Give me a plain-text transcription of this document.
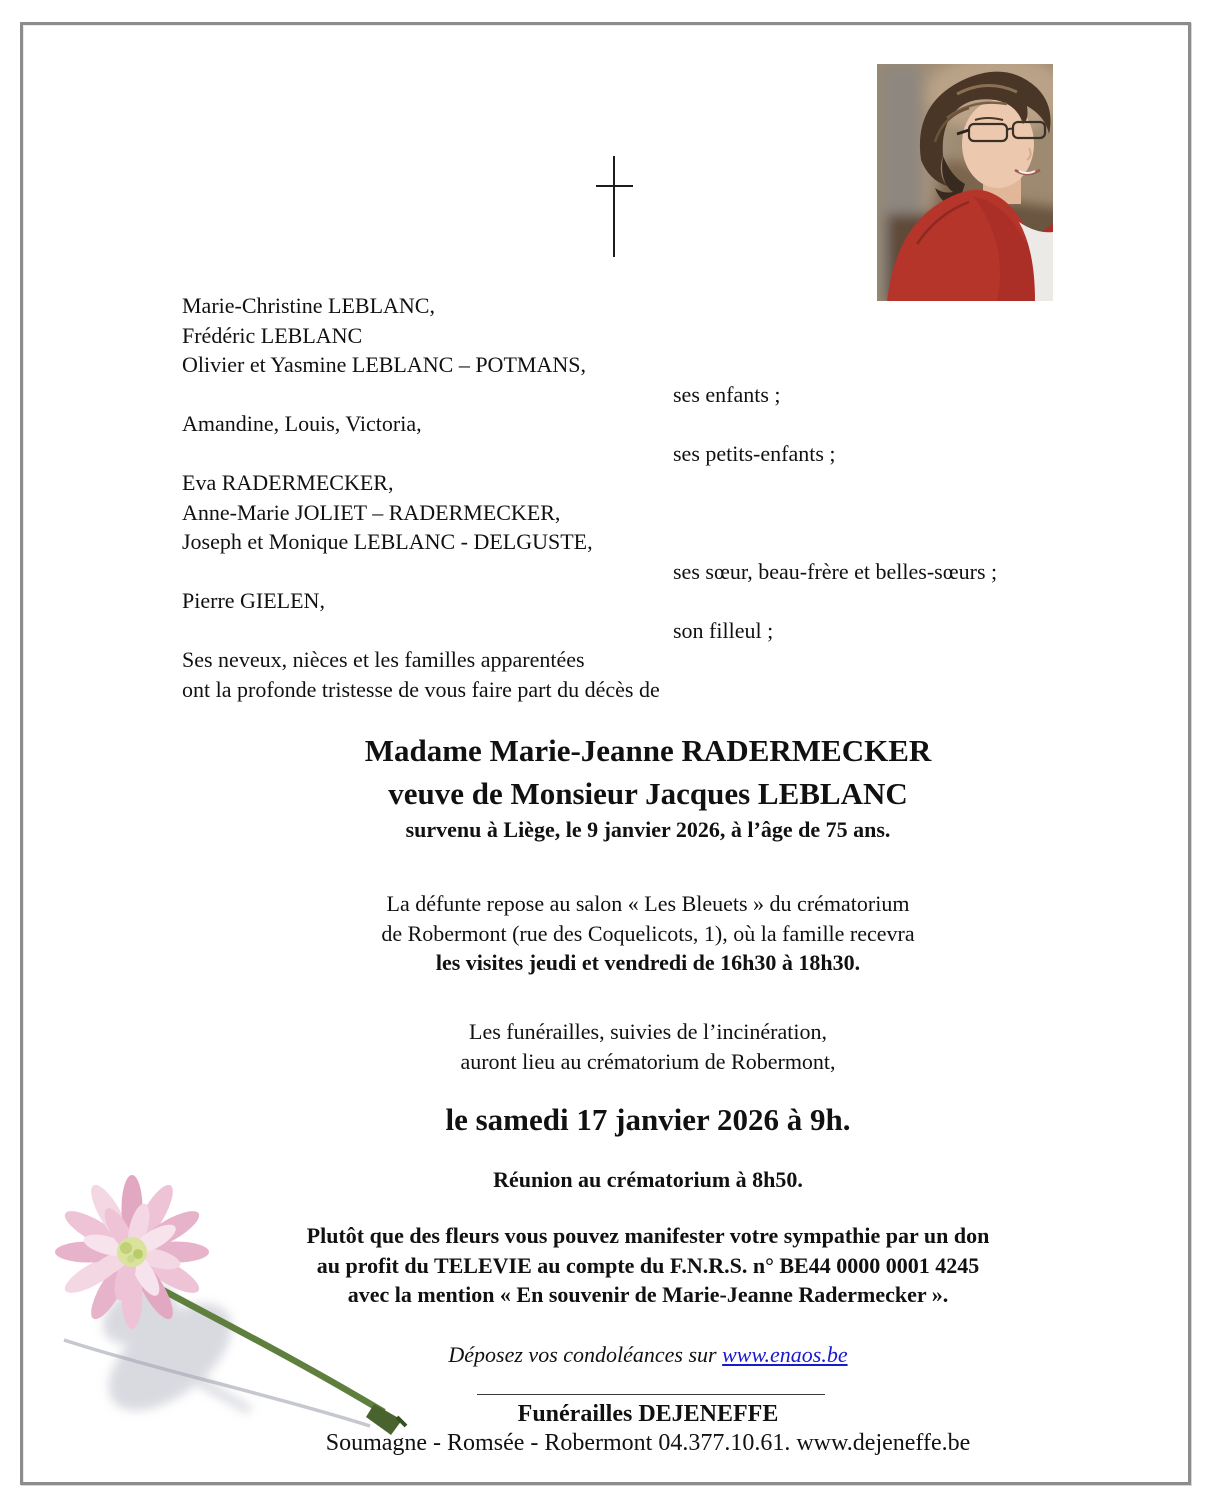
Marie-Christine LEBLANC,
Frédéric LEBLANC
Olivier et Yasmine LEBLANC – POTMANS,
ses enfants ;
Amandine, Louis, Victoria,
ses petits-enfants ;
Eva RADERMECKER,
Anne-Marie JOLIET – RADERMECKER,
Joseph et Monique LEBLANC - DELGUSTE,
ses sœur, beau-frère et belles-sœurs ;
Pierre GIELEN,
son filleul ;
Ses neveux, nièces et les familles apparentées
ont la profonde tristesse de vous faire part du décès de
Madame Marie-Jeanne RADERMECKER
veuve de Monsieur Jacques LEBLANC
survenu à Liège, le 9 janvier 2026, à l’âge de 75 ans.
La défunte repose au salon « Les Bleuets » du crématorium
de Robermont (rue des Coquelicots, 1), où la famille recevra
les visites jeudi et vendredi de 16h30 à 18h30.
Les funérailles, suivies de l’incinération,
auront lieu au crématorium de Robermont,
le samedi 17 janvier 2026 à 9h.
Réunion au crématorium à 8h50.
Plutôt que des fleurs vous pouvez manifester votre sympathie par un don
au profit du TELEVIE au compte du F.N.R.S. n° BE44 0000 0001 4245
avec la mention « En souvenir de Marie-Jeanne Radermecker ».
Déposez vos condoléances sur www.enaos.be
Funérailles DEJENEFFE
Soumagne - Romsée - Robermont 04.377.10.61. www.dejeneffe.be
